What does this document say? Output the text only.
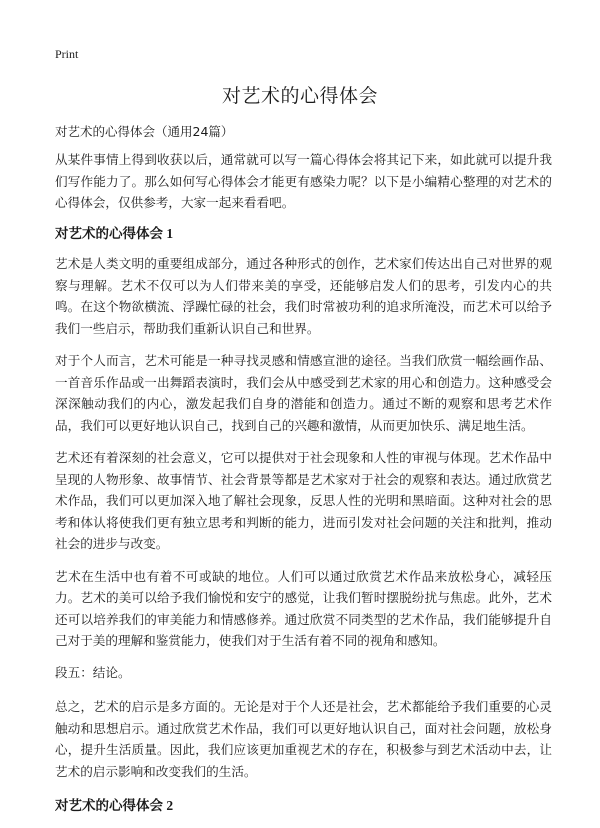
Print
对艺术的心得体会
对艺术的心得体会（通用24篇）

从某件事情上得到收获以后，通常就可以写一篇心得体会将其记下来，如此就可以提升我们写作能力了。那么如何写心得体会才能更有感染力呢？以下是小编精心整理的对艺术的心得体会，仅供参考，大家一起来看看吧。

对艺术的心得体会 1

艺术是人类文明的重要组成部分，通过各种形式的创作，艺术家们传达出自己对世界的观察与理解。艺术不仅可以为人们带来美的享受，还能够启发人们的思考，引发内心的共鸣。在这个物欲横流、浮躁忙碌的社会，我们时常被功利的追求所淹没，而艺术可以给予我们一些启示，帮助我们重新认识自己和世界。

对于个人而言，艺术可能是一种寻找灵感和情感宣泄的途径。当我们欣赏一幅绘画作品、一首音乐作品或一出舞蹈表演时，我们会从中感受到艺术家的用心和创造力。这种感受会深深触动我们的内心，激发起我们自身的潜能和创造力。通过不断的观察和思考艺术作品，我们可以更好地认识自己，找到自己的兴趣和激情，从而更加快乐、满足地生活。

艺术还有着深刻的社会意义，它可以提供对于社会现象和人性的审视与体现。艺术作品中呈现的人物形象、故事情节、社会背景等都是艺术家对于社会的观察和表达。通过欣赏艺术作品，我们可以更加深入地了解社会现象，反思人性的光明和黑暗面。这种对社会的思考和体认将使我们更有独立思考和判断的能力，进而引发对社会问题的关注和批判，推动社会的进步与改变。

艺术在生活中也有着不可或缺的地位。人们可以通过欣赏艺术作品来放松身心，减轻压力。艺术的美可以给予我们愉悦和安宁的感觉，让我们暂时摆脱纷扰与焦虑。此外，艺术还可以培养我们的审美能力和情感修养。通过欣赏不同类型的艺术作品，我们能够提升自己对于美的理解和鉴赏能力，使我们对于生活有着不同的视角和感知。

段五：结论。

总之，艺术的启示是多方面的。无论是对于个人还是社会，艺术都能给予我们重要的心灵触动和思想启示。通过欣赏艺术作品，我们可以更好地认识自己，面对社会问题，放松身心，提升生活质量。因此，我们应该更加重视艺术的存在，积极参与到艺术活动中去，让艺术的启示影响和改变我们的生活。

对艺术的心得体会 2
